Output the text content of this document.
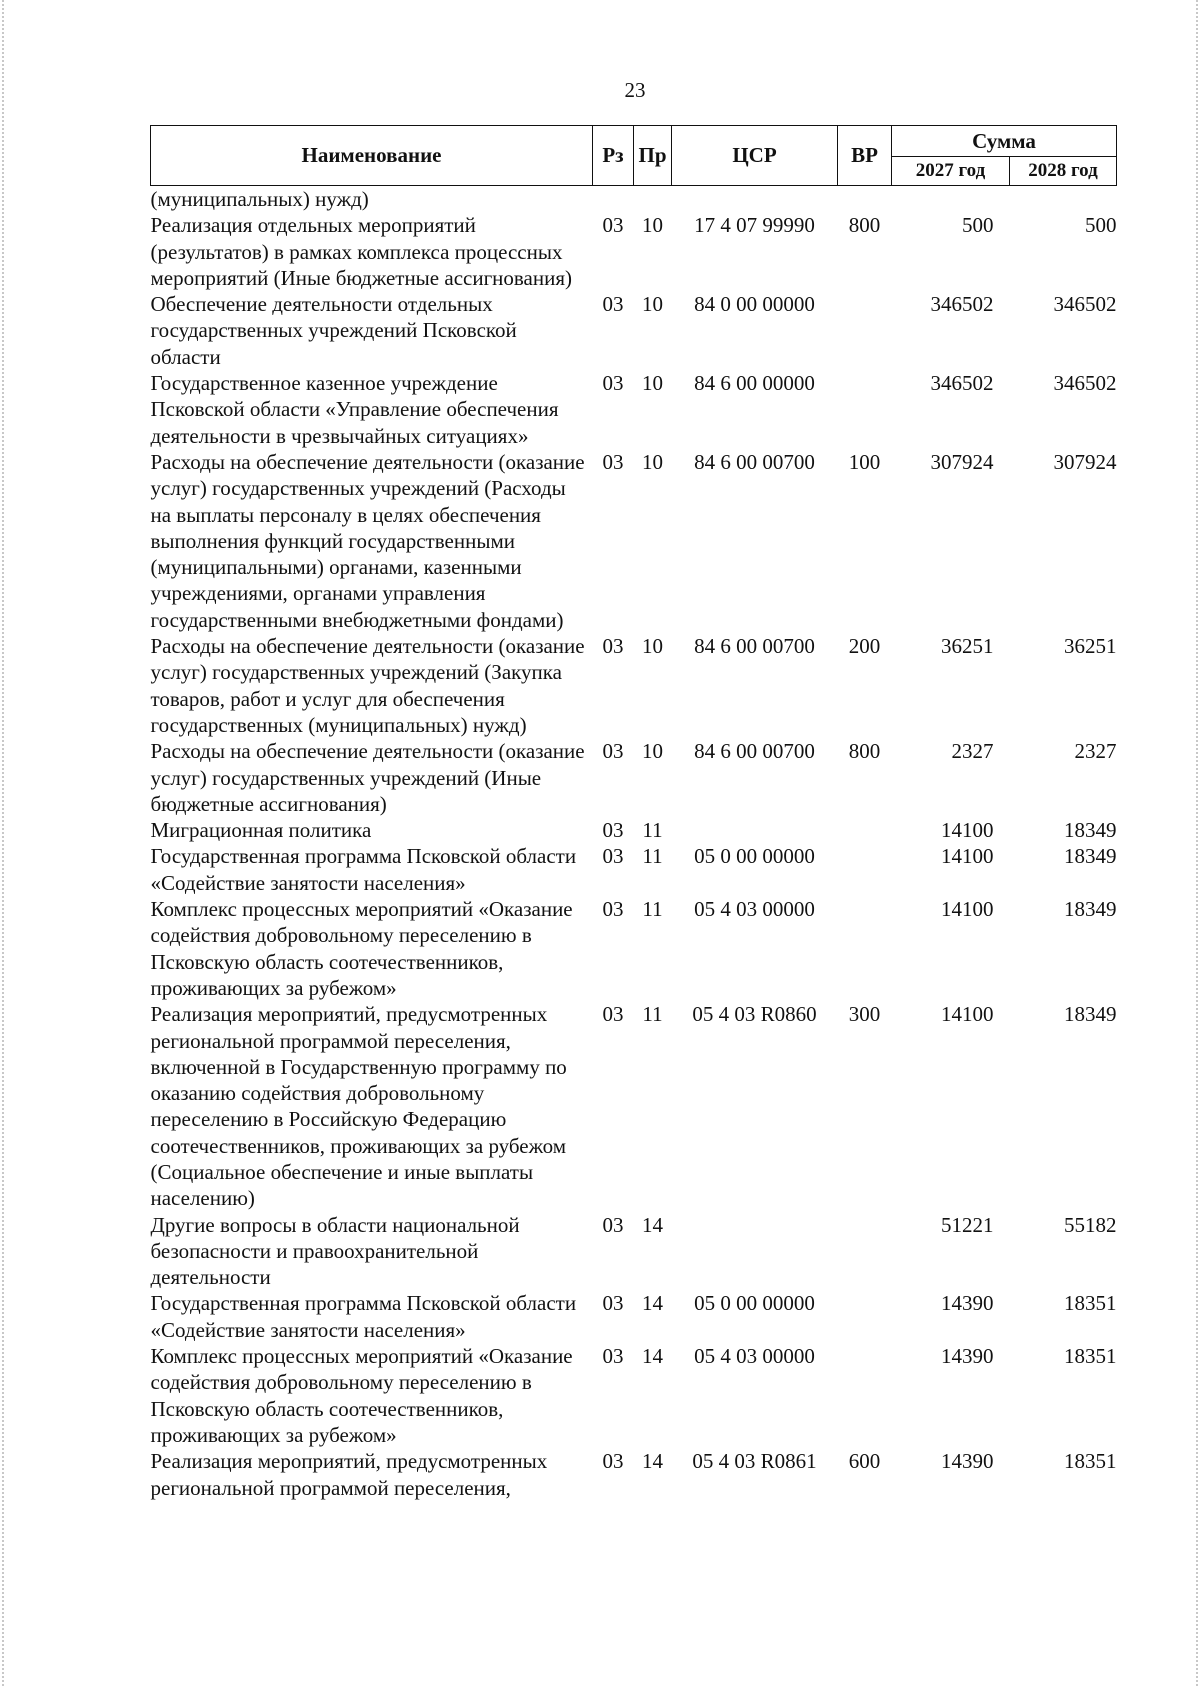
23
Наименование	Рз	Пр	ЦСР	ВР	Сумма	
					2027 год	2028 год
(муниципальных) нужд)						
Реализация отдельных мероприятий (результатов) в рамках комплекса процессных мероприятий (Иные бюджетные ассигнования)	03	10	17 4 07 99990	800	500	500
Обеспечение деятельности отдельных государственных учреждений Псковской области	03	10	84 0 00 00000		346502	346502
Государственное казенное учреждение Псковской области «Управление обеспечения деятельности в чрезвычайных ситуациях»	03	10	84 6 00 00000		346502	346502
Расходы на обеспечение деятельности (оказание услуг) государственных учреждений (Расходы на выплаты персоналу в целях обеспечения выполнения функций государственными (муниципальными) органами, казенными учреждениями, органами управления государственными внебюджетными фондами)	03	10	84 6 00 00700	100	307924	307924
Расходы на обеспечение деятельности (оказание услуг) государственных учреждений (Закупка товаров, работ и услуг для обеспечения государственных (муниципальных) нужд)	03	10	84 6 00 00700	200	36251	36251
Расходы на обеспечение деятельности (оказание услуг) государственных учреждений (Иные бюджетные ассигнования)	03	10	84 6 00 00700	800	2327	2327
Миграционная политика	03	11			14100	18349
Государственная программа Псковской области «Содействие занятости населения»	03	11	05 0 00 00000		14100	18349
Комплекс процессных мероприятий «Оказание содействия добровольному переселению в Псковскую область соотечественников, проживающих за рубежом»	03	11	05 4 03 00000		14100	18349
Реализация мероприятий, предусмотренных региональной программой переселения, включенной в Государственную программу по оказанию содействия добровольному переселению в Российскую Федерацию соотечественников, проживающих за рубежом (Социальное обеспечение и иные выплаты населению)	03	11	05 4 03 R0860	300	14100	18349
Другие вопросы в области национальной безопасности и правоохранительной деятельности	03	14			51221	55182
Государственная программа Псковской области «Содействие занятости населения»	03	14	05 0 00 00000		14390	18351
Комплекс процессных мероприятий «Оказание содействия добровольному переселению в Псковскую область соотечественников, проживающих за рубежом»	03	14	05 4 03 00000		14390	18351
Реализация мероприятий, предусмотренных региональной программой переселения,	03	14	05 4 03 R0861	600	14390	18351
